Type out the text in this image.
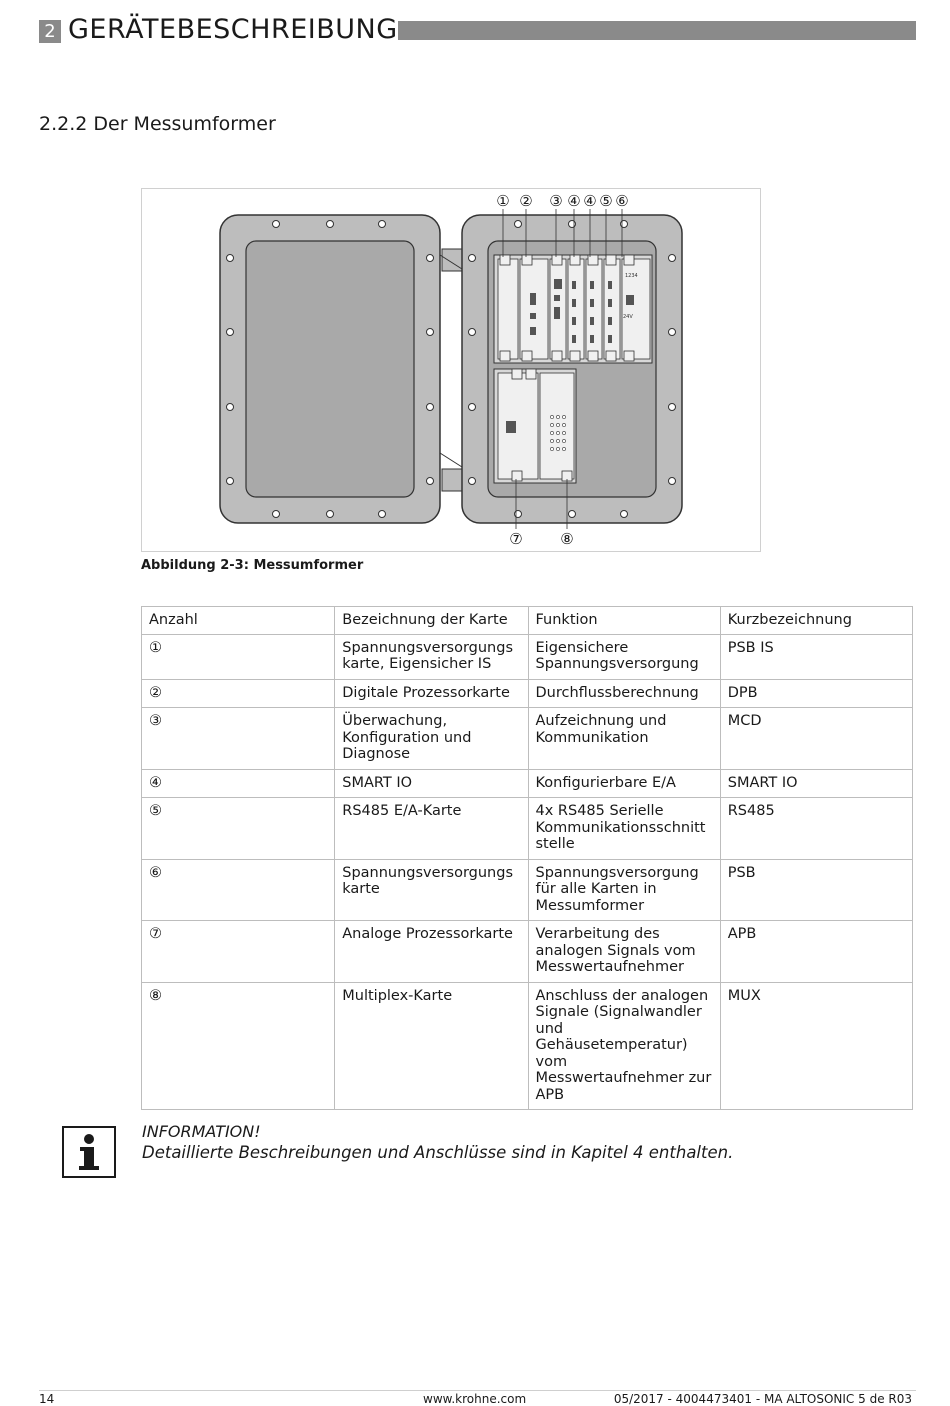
2 GERÄTEBESCHREIBUNG
ALTOSONIC 5
2.2.2 Der Messumformer
1234
24V
① ② ③ ④ ④ ⑤ ⑥
⑦	⑧
Abbildung 2-3: Messumformer
Anzahl	Bezeichnung der Karte	Funktion	Kurzbezeichnung
①	Spannungsversorgungs karte, Eigensicher IS	Eigensichere Spannungsversorgung	PSB IS
②	Digitale Prozessorkarte	Durchflussberechnung	DPB
③	Überwachung, Konfiguration und Diagnose	Aufzeichnung und Kommunikation	MCD
④	SMART IO	Konfigurierbare E/A	SMART IO
⑤	RS485 E/A-Karte	4x RS485 Serielle Kommunikationsschnitt stelle	RS485
⑥	Spannungsversorgungs karte	Spannungsversorgung für alle Karten in Messumformer	PSB
⑦	Analoge Prozessorkarte	Verarbeitung des analogen Signals vom Messwertaufnehmer	APB
⑧	Multiplex-Karte	Anschluss der analogen Signale (Signalwandler und Gehäusetemperatur) vom Messwertaufnehmer zur APB	MUX
INFORMATION!
Detaillierte Beschreibungen und Anschlüsse sind in Kapitel 4 enthalten.
14	www.krohne.com	05/2017 - 4004473401 - MA ALTOSONIC 5 de R03
